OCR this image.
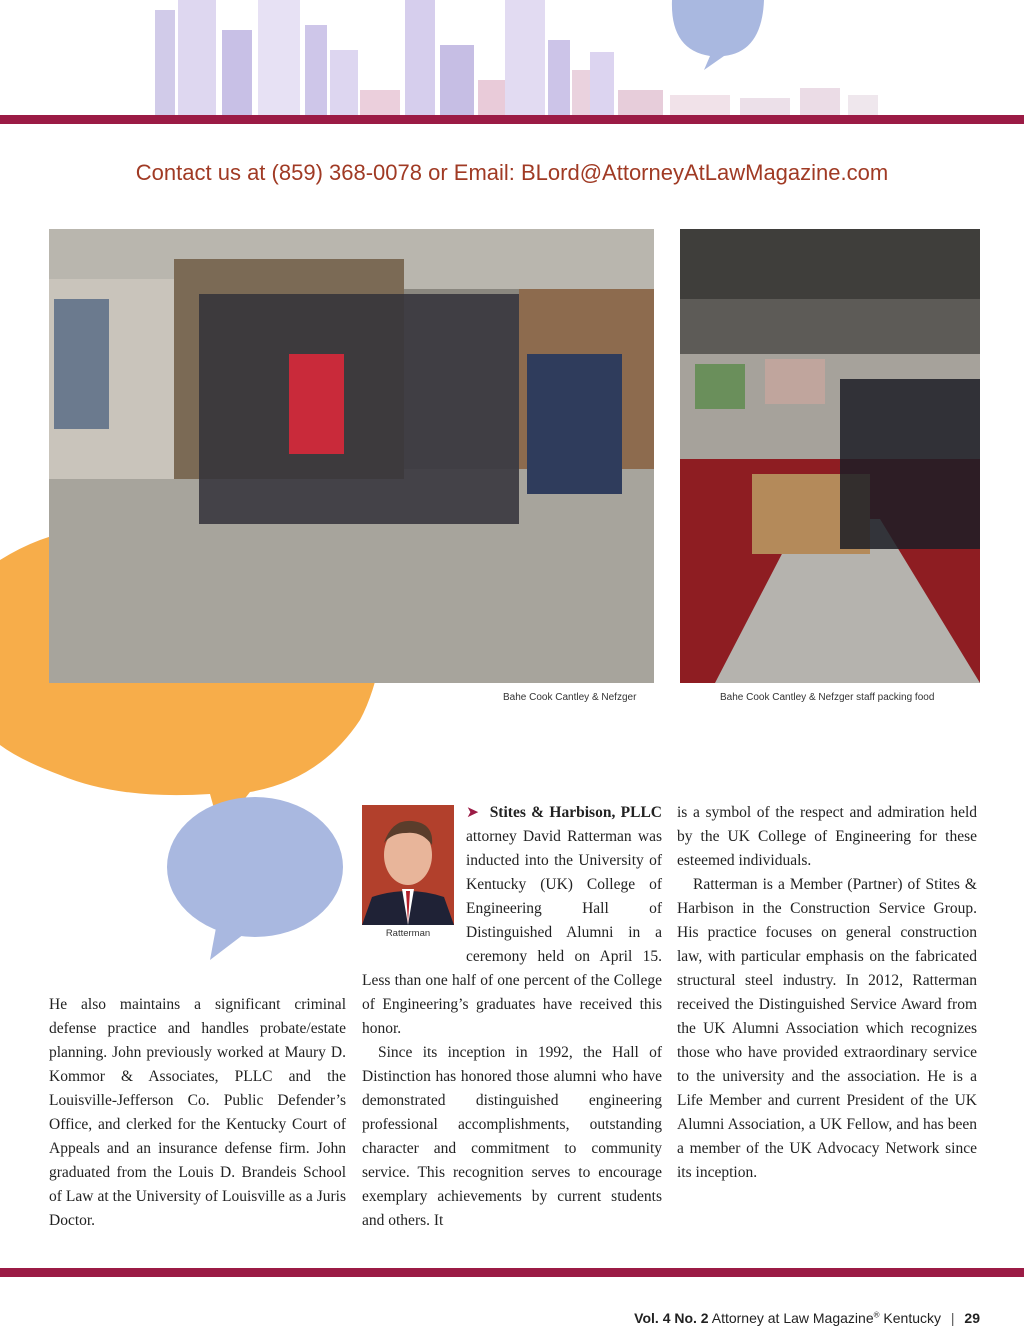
Contact us at (859) 368-0078 or Email: BLord@AttorneyAtLawMagazine.com
Bahe Cook Cantley & Nefzger	Bahe Cook Cantley & Nefzger staff packing food

He also maintains a significant criminal defense practice and handles probate/estate planning. John previously worked at Maury D. Kommor & Associates, PLLC and the Louisville-Jefferson Co. Public Defender’s Office, and clerked for the Kentucky Court of Appeals and an insurance defense firm. John graduated from the Louis D. Brandeis School of Law at the University of Louisville as a Juris Doctor.

Ratterman

➤ Stites & Harbison, PLLC attorney David Ratterman was inducted into the University of Kentucky (UK) College of Engineering Hall of Distinguished Alumni in a ceremony held on April 15. Less than one half of one percent of the College of Engineering’s graduates have received this honor.

Since its inception in 1992, the Hall of Distinction has honored those alumni who have demonstrated distinguished engineering professional accomplishments, outstanding character and commitment to community service. This recognition serves to encourage exemplary achievements by current students and others. It

is a symbol of the respect and admiration held by the UK College of Engineering for these esteemed individuals.

Ratterman is a Member (Partner) of Stites & Harbison in the Construction Service Group. His practice focuses on general construction law, with particular emphasis on the fabricated structural steel industry. In 2012, Ratterman received the Distinguished Service Award from the UK Alumni Association which recognizes those who have provided extraordinary service to the university and the association. He is a Life Member and current President of the UK Alumni Association, a UK Fellow, and has been a member of the UK Advocacy Network since its inception.

Vol. 4 No. 2 Attorney at Law Magazine® Kentucky | 29
